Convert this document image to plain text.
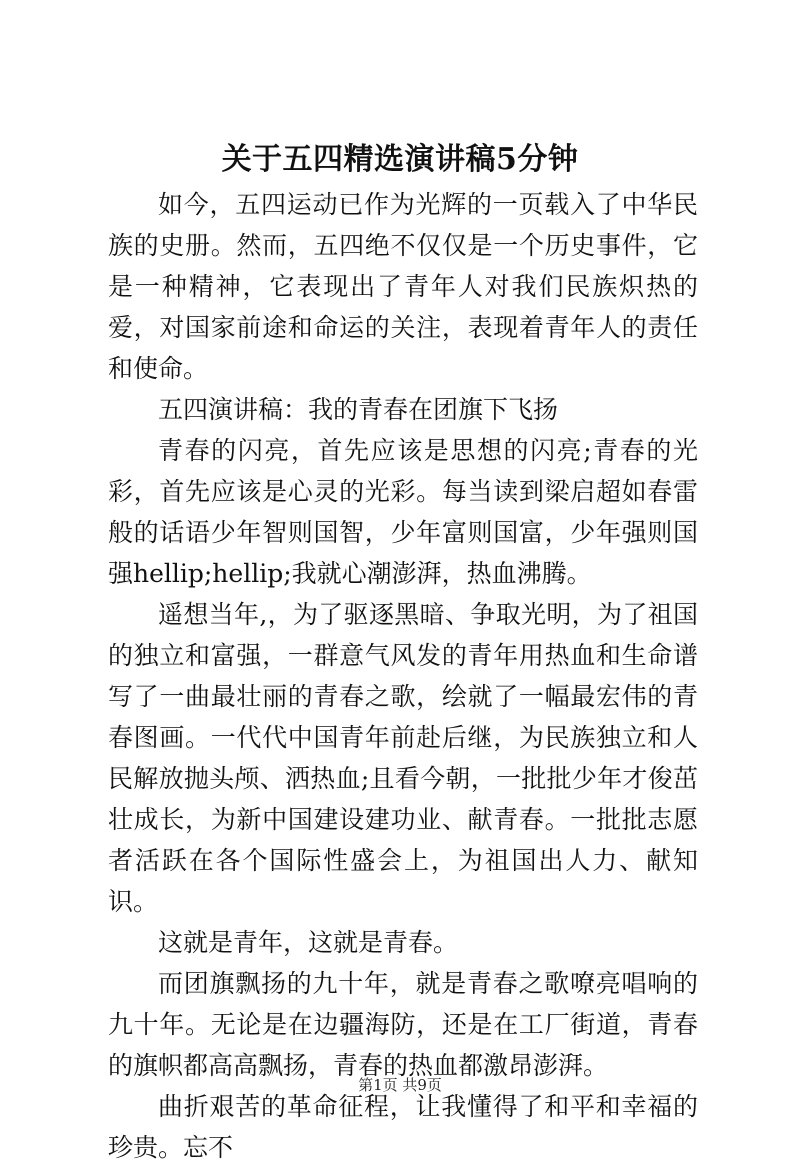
关于五四精选演讲稿5分钟

如今，五四运动已作为光辉的一页载入了中华民族的史册。然而，五四绝不仅仅是一个历史事件，它是一种精神，它表现出了青年人对我们民族炽热的爱，对国家前途和命运的关注，表现着青年人的责任和使命。

五四演讲稿：我的青春在团旗下飞扬

青春的闪亮，首先应该是思想的闪亮;青春的光彩，首先应该是心灵的光彩。每当读到梁启超如春雷般的话语少年智则国智，少年富则国富，少年强则国强hellip;hellip;我就心潮澎湃，热血沸腾。

遥想当年,，为了驱逐黑暗、争取光明，为了祖国的独立和富强，一群意气风发的青年用热血和生命谱写了一曲最壮丽的青春之歌，绘就了一幅最宏伟的青春图画。一代代中国青年前赴后继，为民族独立和人民解放抛头颅、洒热血;且看今朝，一批批少年才俊茁壮成长，为新中国建设建功业、献青春。一批批志愿者活跃在各个国际性盛会上，为祖国出人力、献知识。

这就是青年，这就是青春。

而团旗飘扬的九十年，就是青春之歌嘹亮唱响的九十年。无论是在边疆海防，还是在工厂街道，青春的旗帜都高高飘扬，青春的热血都激昂澎湃。

曲折艰苦的革命征程，让我懂得了和平和幸福的珍贵。忘不

第1页 共9页
